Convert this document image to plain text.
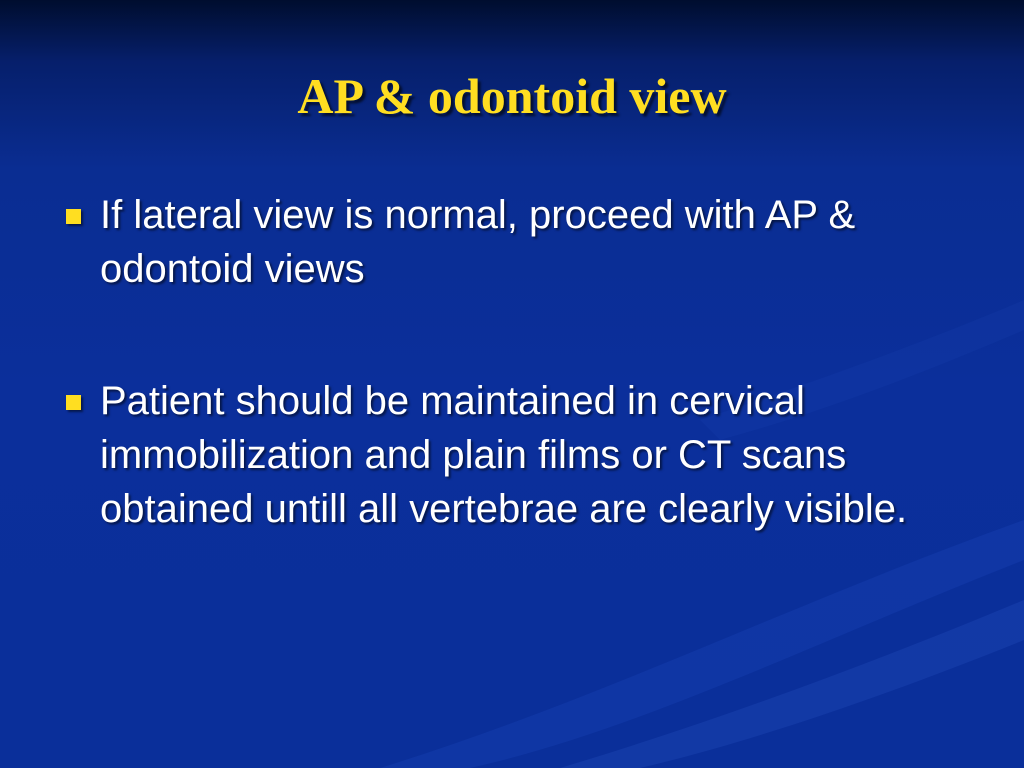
AP & odontoid view
If lateral view is normal, proceed with AP & odontoid views
Patient should be maintained in cervical immobilization and plain films or CT scans obtained untill all vertebrae are clearly visible.
